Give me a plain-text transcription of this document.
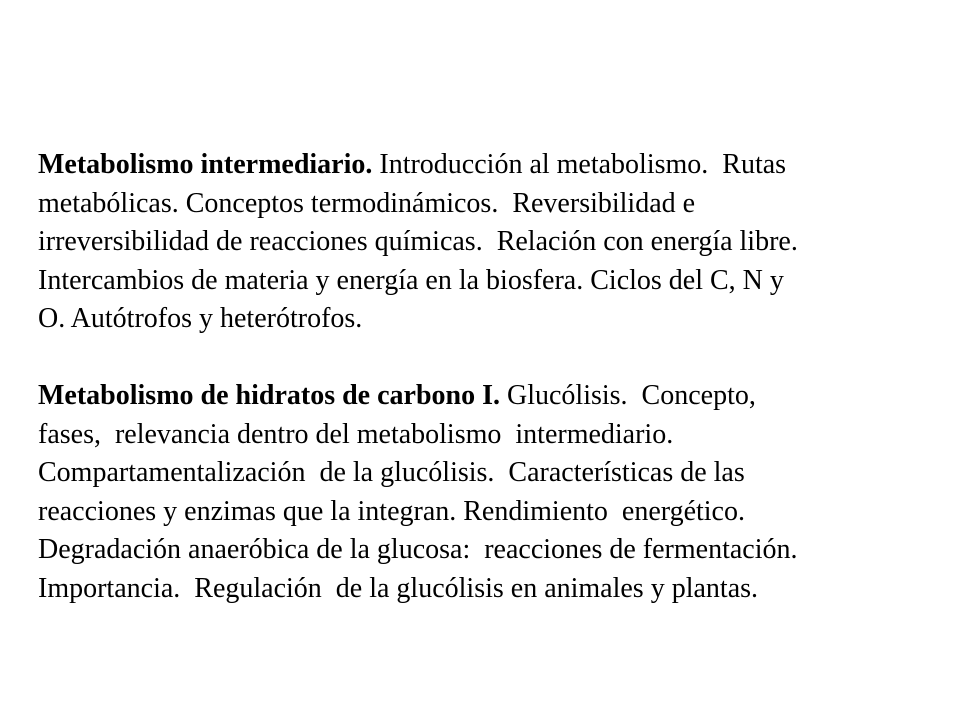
Metabolismo intermediario. Introducción al metabolismo.  Rutas
metabólicas. Conceptos termodinámicos.  Reversibilidad e
irreversibilidad de reacciones químicas.  Relación con energía libre.
Intercambios de materia y energía en la biosfera. Ciclos del C, N y
O. Autótrofos y heterótrofos.
Metabolismo de hidratos de carbono I. Glucólisis.  Concepto,
fases,  relevancia dentro del metabolismo  intermediario.
Compartamentalización  de la glucólisis.  Características de las
reacciones y enzimas que la integran. Rendimiento  energético.
Degradación anaeróbica de la glucosa:  reacciones de fermentación.
Importancia.  Regulación  de la glucólisis en animales y plantas.
